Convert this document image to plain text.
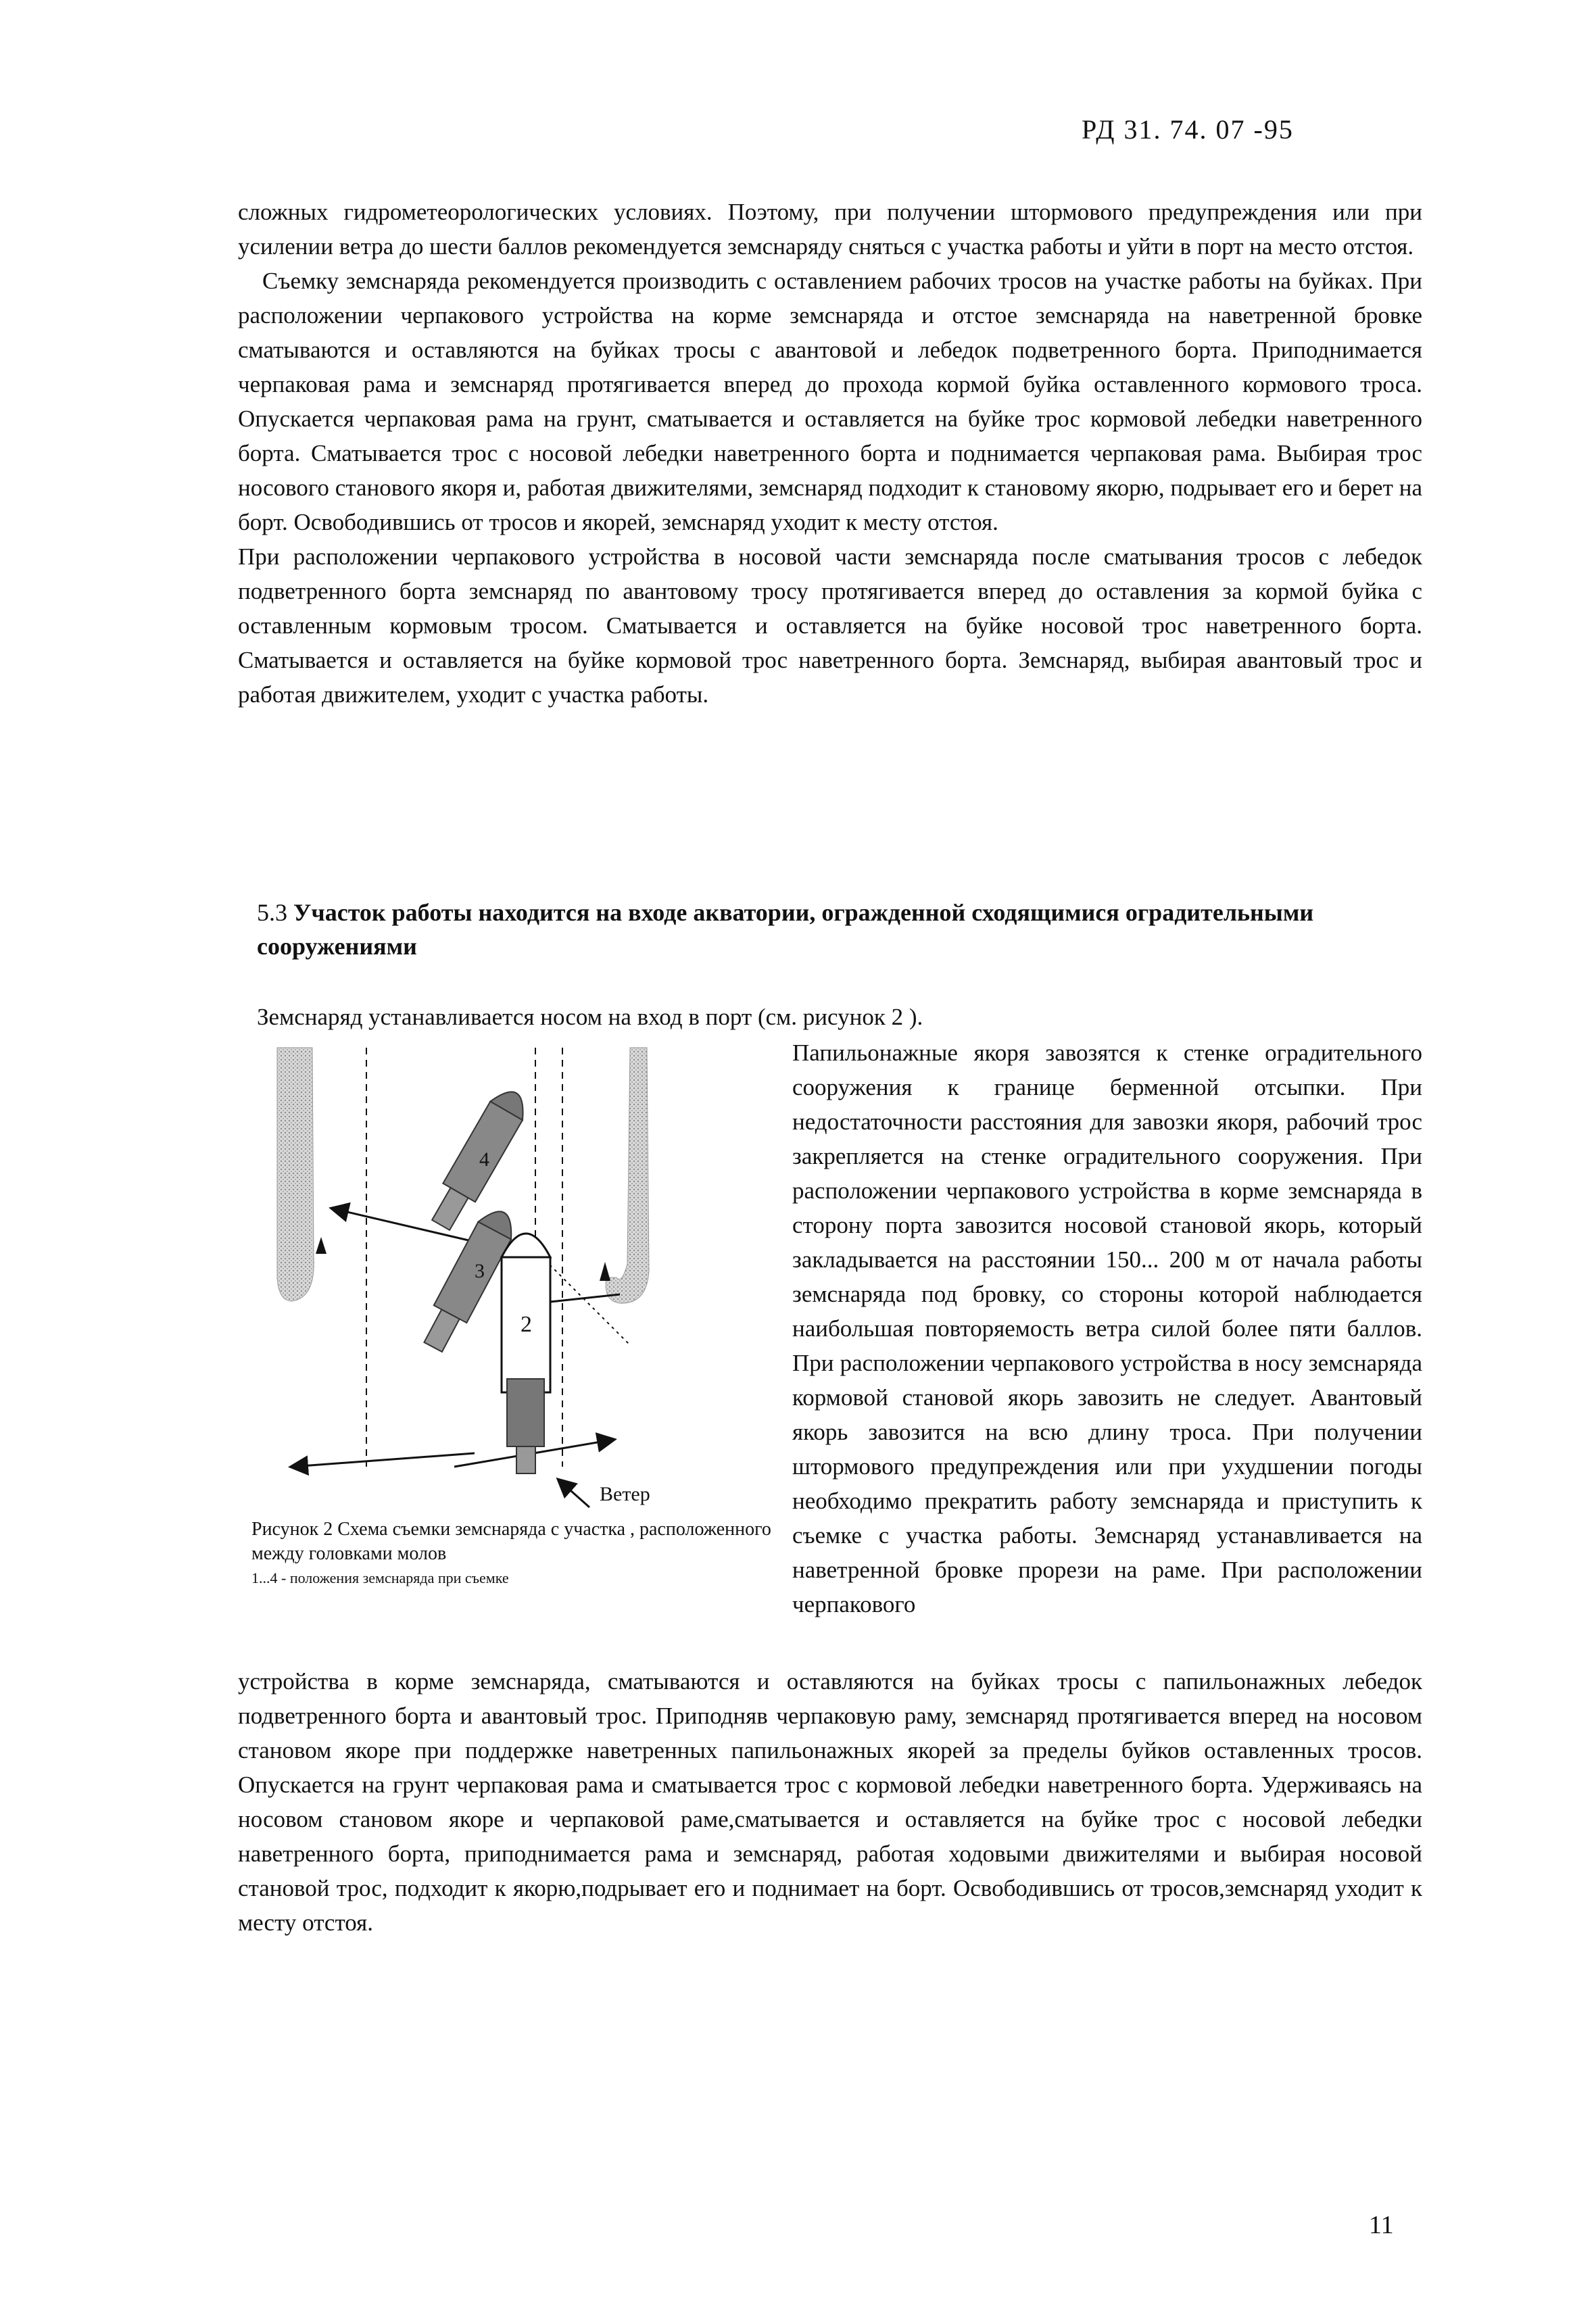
РД 31. 74. 07 -95

сложных гидрометеорологических условиях. Поэтому, при получении штормового предупреждения или при усилении ветра до шести баллов рекомендуется земснаряду сняться с участка работы и уйти в порт на место отстоя.

Съемку земснаряда рекомендуется производить с оставлением рабочих тросов на участке работы на буйках. При расположении черпакового устройства на корме земснаряда и отстое земснаряда на наветренной бровке сматываются и оставляются на буйках тросы с авантовой и лебедок подветренного борта. Приподнимается черпаковая рама и земснаряд протягивается вперед до прохода кормой буйка оставленного кормового троса. Опускается черпаковая рама на грунт, сматывается и оставляется на буйке трос кормовой лебедки наветренного борта. Сматывается трос с носовой лебедки наветренного борта и поднимается черпаковая рама. Выбирая трос носового станового якоря и, работая движителями, земснаряд подходит к становому якорю, подрывает его и берет на борт. Освободившись от тросов и якорей, земснаряд уходит к месту отстоя.

При расположении черпакового устройства в носовой части земснаряда после сматывания тросов с лебедок подветренного борта земснаряд по авантовому тросу протягивается вперед до оставления за кормой буйка с оставленным кормовым тросом. Сматывается и оставляется на буйке носовой трос наветренного борта. Сматывается и оставляется на буйке кормовой трос наветренного борта. Земснаряд, выбирая авантовый трос и работая движителем, уходит с участка работы.

5.3 Участок работы находится на входе акватории, огражденной сходящимися оградительными сооружениями
Земснаряд устанавливается носом на вход в порт (см. рисунок 2 ).

Папильонажные якоря завозятся к стенке оградительного сооружения к границе берменной отсыпки. При недостаточности расстояния для завозки якоря, рабочий трос закрепляется на стенке оградительного сооружения. При расположении черпакового устройства в корме земснаряда в сторону порта завозится носовой становой якорь, который закладывается на расстоянии 150... 200 м от начала работы земснаряда под бровку, со стороны которой наблюдается наибольшая повторяемость ветра силой более пяти баллов. При расположении черпакового устройства в носу земснаряда кормовой становой якорь завозить не следует. Авантовый якорь завозится на всю длину троса. При получении штормового предупреждения или при ухудшении погоды необходимо прекратить работу земснаряда и приступить к съемке с участка работы. Земснаряд устанавливается на наветренной бровке прорези на раме. При расположении черпакового

4
3
2
Ветер
Рисунок 2 Схема съемки земснаряда с участка , расположенного между головками молов
1...4 - положения земснаряда при съемке

устройства в корме земснаряда, сматываются и оставляются на буйках тросы с папильонажных лебедок подветренного борта и авантовый трос. Приподняв черпаковую раму, земснаряд протягивается вперед на носовом становом якоре при поддержке наветренных папильонажных якорей за пределы буйков оставленных тросов. Опускается на грунт черпаковая рама и сматывается трос с кормовой лебедки наветренного борта. Удерживаясь на носовом становом якоре и черпаковой раме,сматывается и оставляется на буйке трос с носовой лебедки наветренного борта, приподнимается рама и земснаряд, работая ходовыми движителями и выбирая носовой становой трос, подходит к якорю,подрывает его и поднимает на борт. Освободившись от тросов,земснаряд уходит к месту отстоя.

11
